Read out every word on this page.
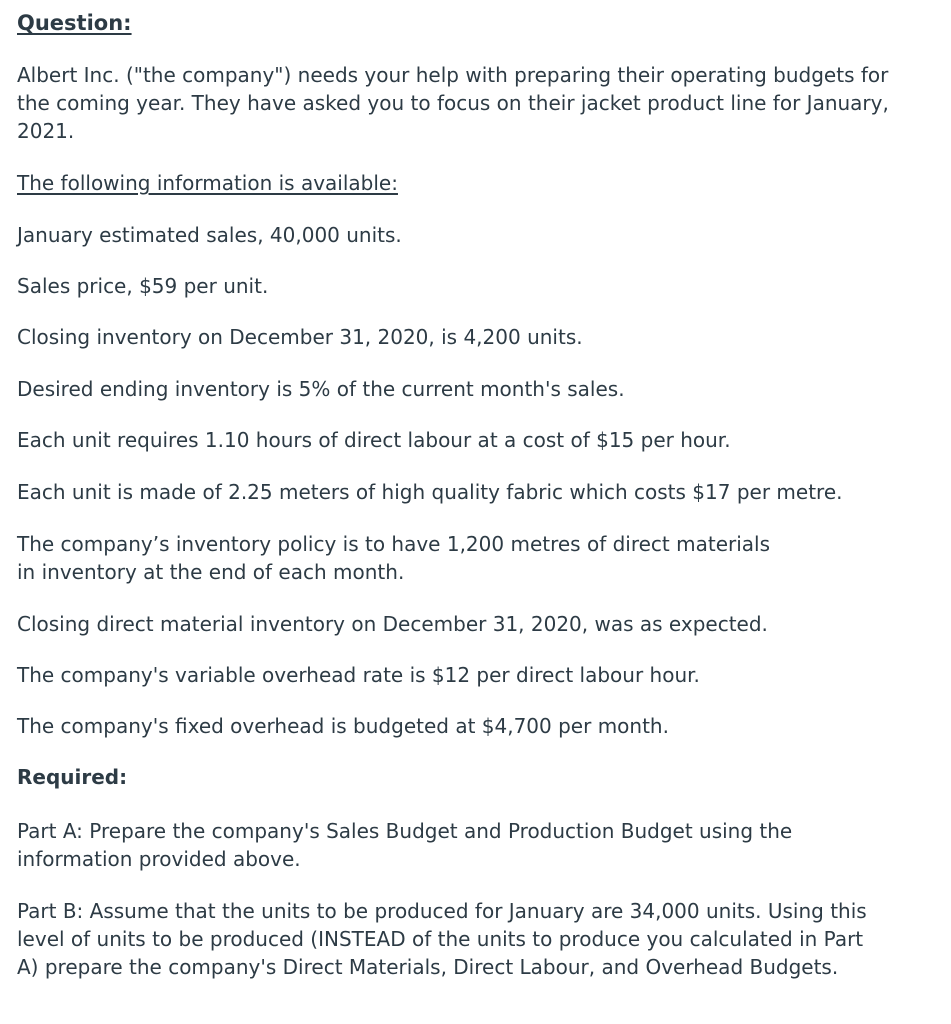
Question:

Albert Inc. ("the company") needs your help with preparing their operating budgets for
the coming year. They have asked you to focus on their jacket product line for January,
2021.

The following information is available:

January estimated sales, 40,000 units.

Sales price, $59 per unit.

Closing inventory on December 31, 2020, is 4,200 units.

Desired ending inventory is 5% of the current month's sales.

Each unit requires 1.10 hours of direct labour at a cost of $15 per hour.

Each unit is made of 2.25 meters of high quality fabric which costs $17 per metre.

The company’s inventory policy is to have 1,200 metres of direct materials
in inventory at the end of each month.

Closing direct material inventory on December 31, 2020, was as expected.

The company's variable overhead rate is $12 per direct labour hour.

The company's fixed overhead is budgeted at $4,700 per month.

Required:

Part A: Prepare the company's Sales Budget and Production Budget using the
information provided above.

Part B: Assume that the units to be produced for January are 34,000 units. Using this
level of units to be produced (INSTEAD of the units to produce you calculated in Part
A) prepare the company's Direct Materials, Direct Labour, and Overhead Budgets.
